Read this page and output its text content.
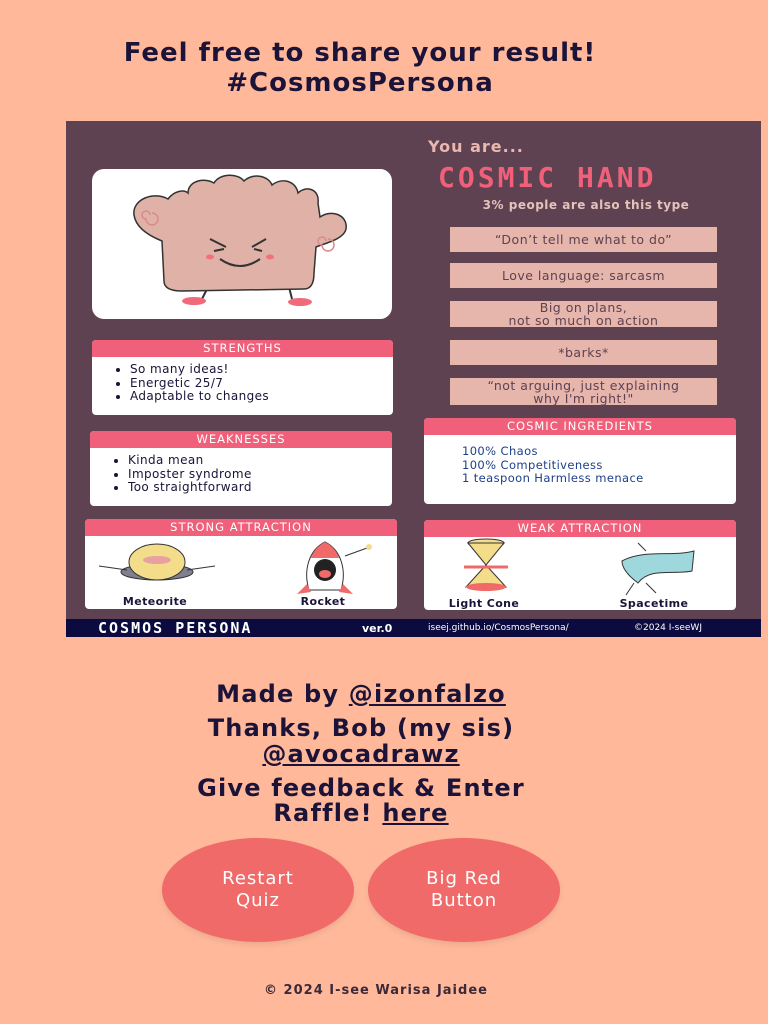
Feel free to share your result!
#CosmosPersona
You are...
COSMIC HAND
3% people are also this type
“Don’t tell me what to do”
Love language: sarcasm
Big on plans,
not so much on action
*barks*
“not arguing, just explaining
why I'm right!"
STRENGTHS
• So many ideas!
• Energetic 25/7
• Adaptable to changes
WEAKNESSES
• Kinda mean
• Imposter syndrome
• Too straightforward
COSMIC INGREDIENTS
100% Chaos
100% Competitiveness
1 teaspoon Harmless menace
STRONG ATTRACTION
Meteorite	Rocket
WEAK ATTRACTION
Light Cone	Spacetime
COSMOS PERSONA	ver.0	iseej.github.io/CosmosPersona/	©2024 I-seeWJ
Made by @izonfalzo
Thanks, Bob (my sis)
@avocadrawz
Give feedback & Enter
Raffle! here
Restart
Quiz
Big Red
Button
© 2024 I-see Warisa Jaidee
